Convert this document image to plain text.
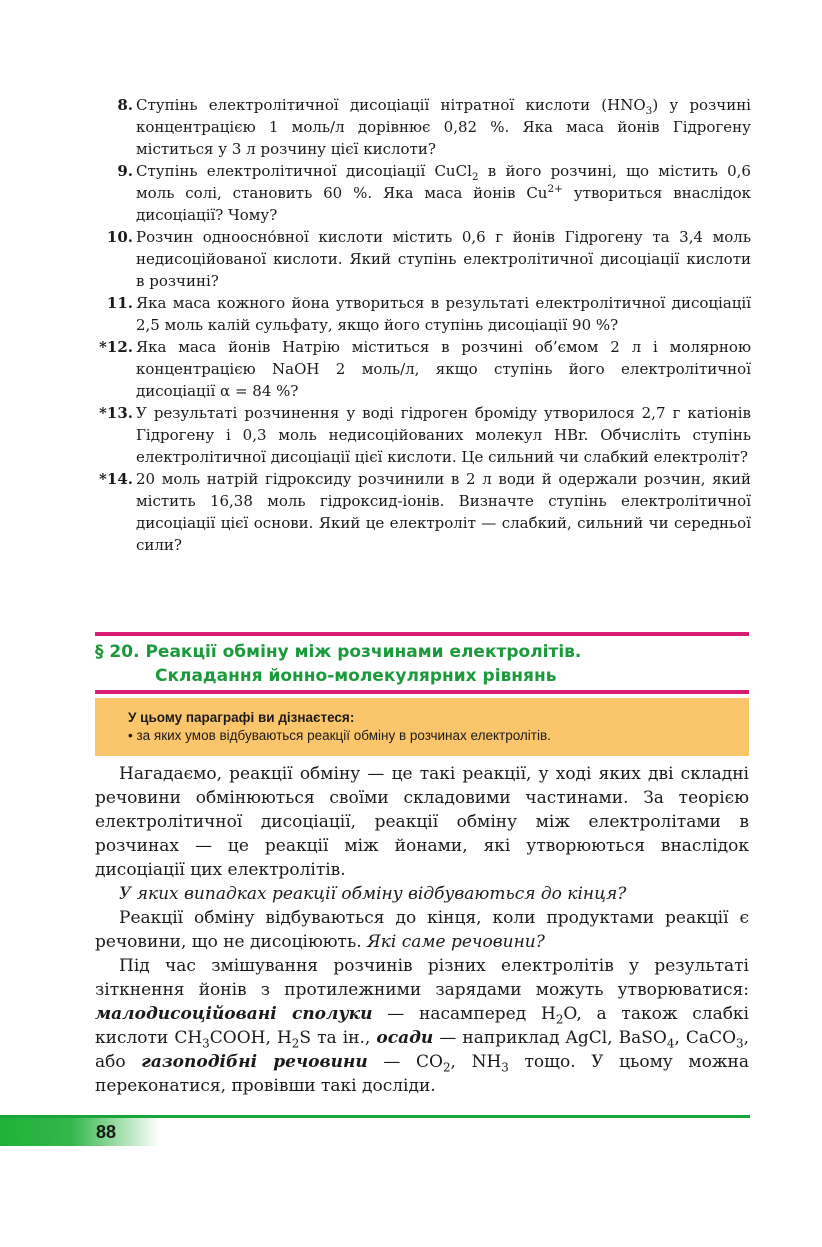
8. Ступінь електролітичної дисоціації нітратної кислоти $(HNO_3)$ у розчині концентрацією 1 моль/л дорівнює 0,82 %. Яка маса йонів Гідрогену міститься у 3 л розчину цієї кислоти?
9. Ступінь електролітичної дисоціації CuCl$_2$ в його розчині, що містить 0,6 моль солі, становить 60 %. Яка маса йонів $Cu^{2+}$ утвориться внаслідок дисоціації? Чому?
10. Розчин одноосно́вної кислоти містить 0,6 г йонів Гідрогену та 3,4 моль недисоційованої кислоти. Який ступінь електролітичної дисоціації кислоти в розчині?
11. Яка маса кожного йона утвориться в результаті електролітичної дисоціації 2,5 моль калій сульфату, якщо його ступінь дисоціації 90 %?
*12. Яка маса йонів Натрію міститься в розчині об’ємом 2 л і молярною концентрацією NaOH 2 моль/л, якщо ступінь його електролітичної дисоціації α = 84 %?
*13. У результаті розчинення у воді гідроген броміду утворилося 2,7 г катіонів Гідрогену і 0,3 моль недисоційованих молекул HBr. Обчисліть ступінь електролітичної дисоціації цієї кислоти. Це сильний чи слабкий електроліт?
*14. 20 моль натрій гідроксиду розчинили в 2 л води й одержали розчин, який містить 16,38 моль гідроксид-іонів. Визначте ступінь електролітичної дисоціації цієї основи. Який це електроліт — слабкий, сильний чи середньої сили?
§ 20. Реакції обміну між розчинами електролітів.
Складання йонно-молекулярних рівнянь
У цьому параграфі ви дізнаєтеся:
• за яких умов відбуваються реакції обміну в розчинах електролітів.

Нагадаємо, реакції обміну — це такі реакції, у ході яких дві складні речовини обмінюються своїми складовими частинами. За теорією електролітичної дисоціації, реакції обміну між електролітами в розчинах — це реакції між йонами, які утворюються внаслідок дисоціації цих електролітів.

У яких випадках реакції обміну відбуваються до кінця?

Реакції обміну відбуваються до кінця, коли продуктами реакції є речовини, що не дисоціюють. Які саме речовини?

Під час змішування розчинів різних електролітів у результаті зіткнення йонів з протилежними зарядами можуть утворюватися: малодисоційовані сполуки — насамперед $H_2O$, а також слабкі кислоти $CH_3COOH$, $H_2S$ та ін., осади — наприклад AgCl, BaSO$_4$, CaCO$_3$, або газоподібні речовини — $CO_2$, $NH_3$ тощо. У цьому можна переконатися, провівши такі досліди.

88
